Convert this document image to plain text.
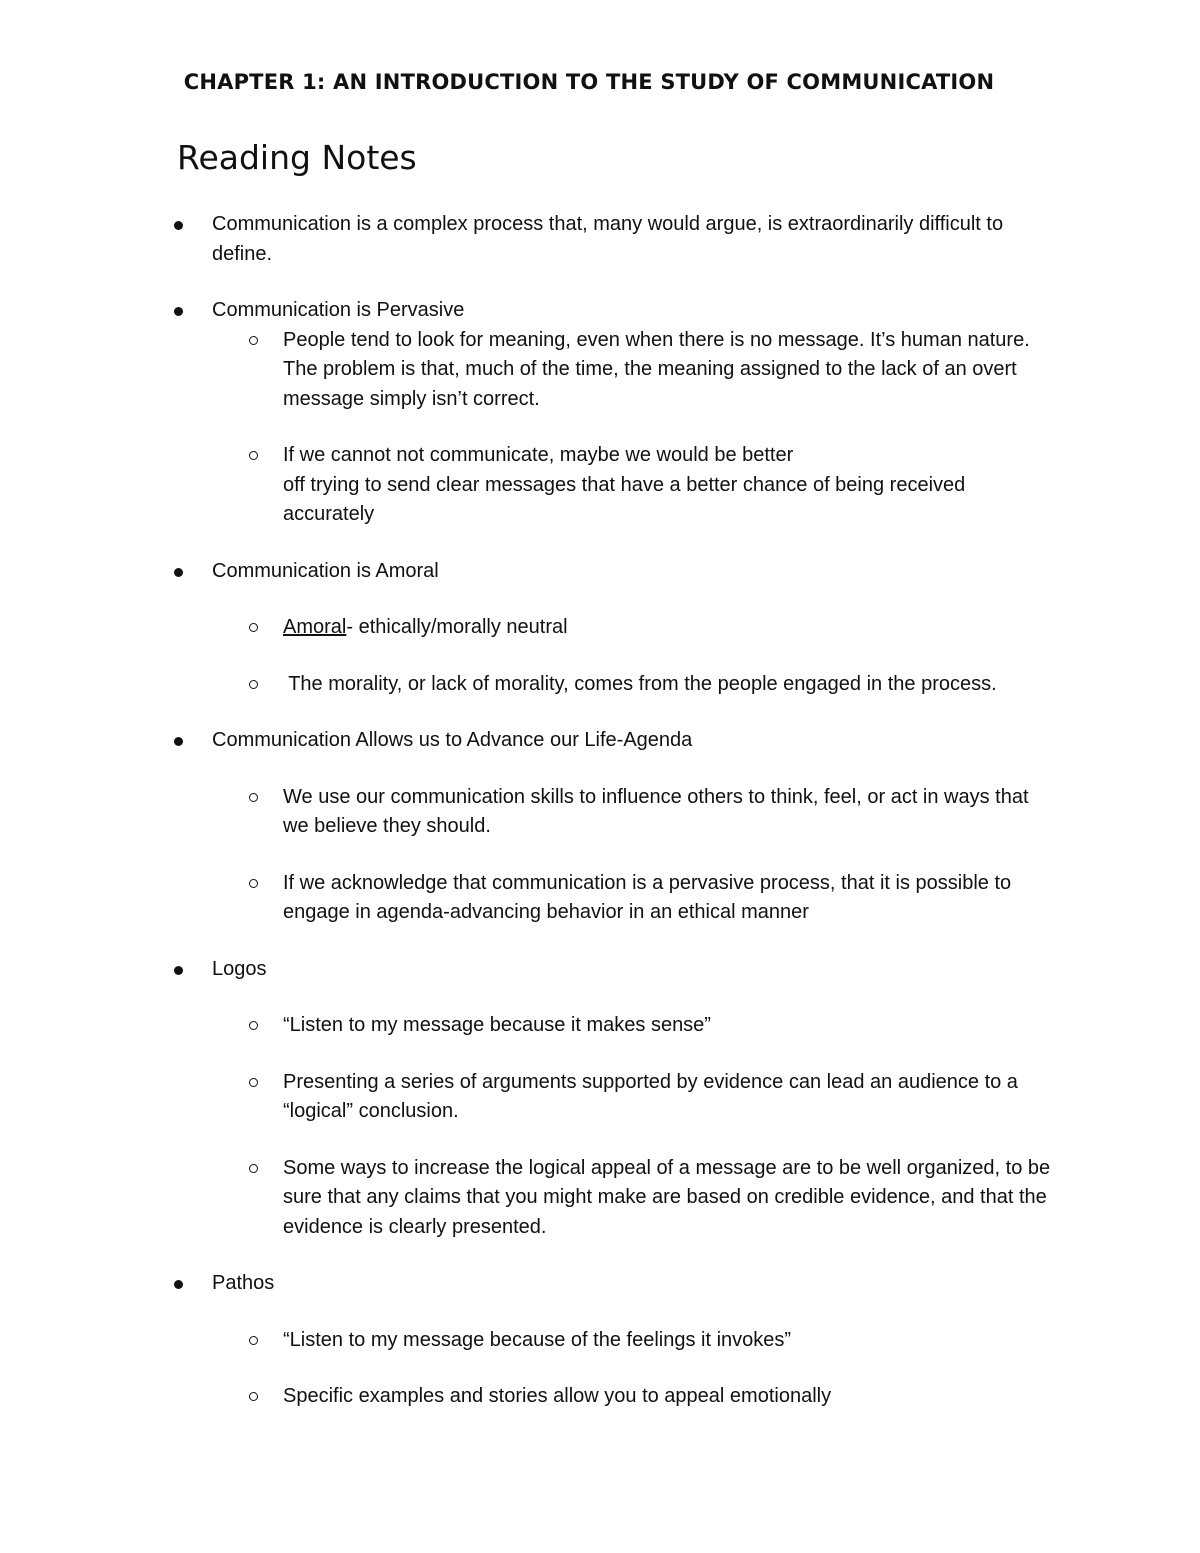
CHAPTER 1: AN INTRODUCTION TO THE STUDY OF COMMUNICATION
Reading Notes
Communication is a complex process that, many would argue, is extraordinarily difficult to define.
Communication is Pervasive
People tend to look for meaning, even when there is no message. It’s human nature. The problem is that, much of the time, the meaning assigned to the lack of an overt message simply isn’t correct.
If we cannot not communicate, maybe we would be better
off trying to send clear messages that have a better chance of being received accurately
Communication is Amoral
Amoral- ethically/morally neutral
The morality, or lack of morality, comes from the people engaged in the process.
Communication Allows us to Advance our Life-Agenda
We use our communication skills to influence others to think, feel, or act in ways that we believe they should.
If we acknowledge that communication is a pervasive process, that it is possible to engage in agenda-advancing behavior in an ethical manner
Logos
“Listen to my message because it makes sense”
Presenting a series of arguments supported by evidence can lead an audience to a “logical” conclusion.
Some ways to increase the logical appeal of a message are to be well organized, to be sure that any claims that you might make are based on credible evidence, and that the evidence is clearly presented.
Pathos
“Listen to my message because of the feelings it invokes”
Specific examples and stories allow you to appeal emotionally
